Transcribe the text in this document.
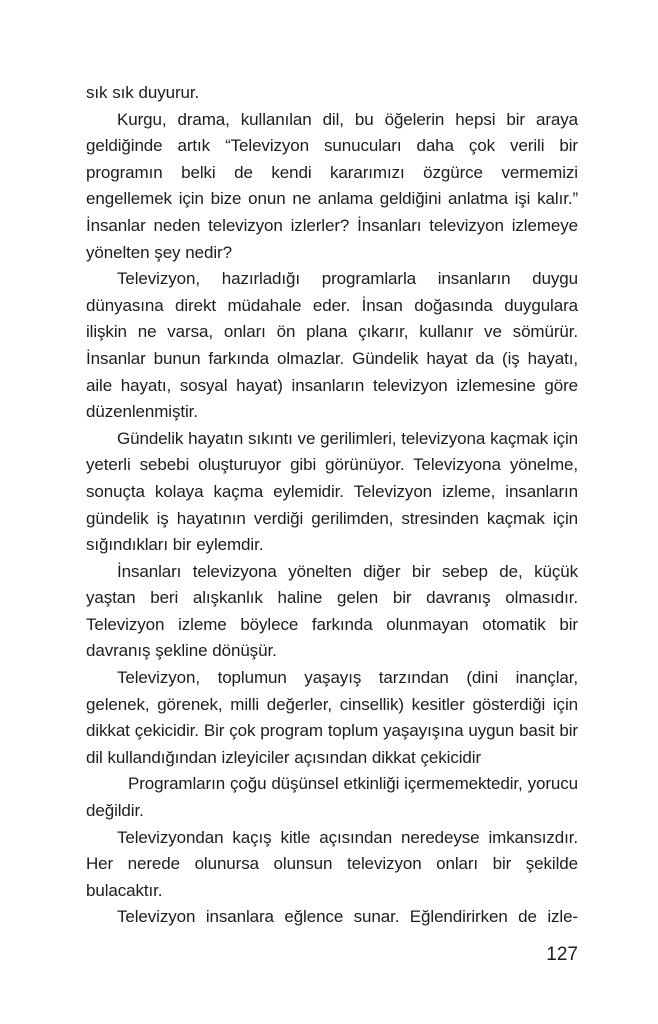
sık sık duyurur.

Kurgu, drama, kullanılan dil, bu öğelerin hepsi bir araya geldiğinde artık “Televizyon sunucuları daha çok verili bir programın belki de kendi kararımızı özgürce vermemizi engellemek için bize onun ne anlama geldiğini anlatma işi kalır.” İnsanlar neden televizyon izlerler? İnsanları televizyon izlemeye yönelten şey nedir?

Televizyon, hazırladığı programlarla insanların duygu dünyasına direkt müdahale eder. İnsan doğasında duygulara ilişkin ne varsa, onları ön plana çıkarır, kullanır ve sömürür. İnsanlar bunun farkında olmazlar. Gündelik hayat da (iş hayatı, aile hayatı, sosyal hayat) insanların televizyon izlemesine göre düzenlenmiştir.

Gündelik hayatın sıkıntı ve gerilimleri, televizyona kaçmak için yeterli sebebi oluşturuyor gibi görünüyor. Televizyona yönelme, sonuçta kolaya kaçma eylemidir. Televizyon izleme, insanların gündelik iş hayatının verdiği gerilimden, stresinden kaçmak için sığındıkları bir eylemdir.

İnsanları televizyona yönelten diğer bir sebep de, küçük yaştan beri alışkanlık haline gelen bir davranış olmasıdır. Televizyon izleme böylece farkında olunmayan otomatik bir davranış şekline dönüşür.

Televizyon, toplumun yaşayış tarzından (dini inançlar, gelenek, görenek, milli değerler, cinsellik) kesitler gösterdiği için dikkat çekicidir. Bir çok program toplum yaşayışına uygun basit bir dil kullandığından izleyiciler açısından dikkat çekicidir

Programların çoğu düşünsel etkinliği içermemektedir, yorucu değildir.

Televizyondan kaçış kitle açısından neredeyse imkansızdır. Her nerede olunursa olunsun televizyon onları bir şekilde bulacaktır.

Televizyon insanlara eğlence sunar. Eğlendirirken de izle-

127
